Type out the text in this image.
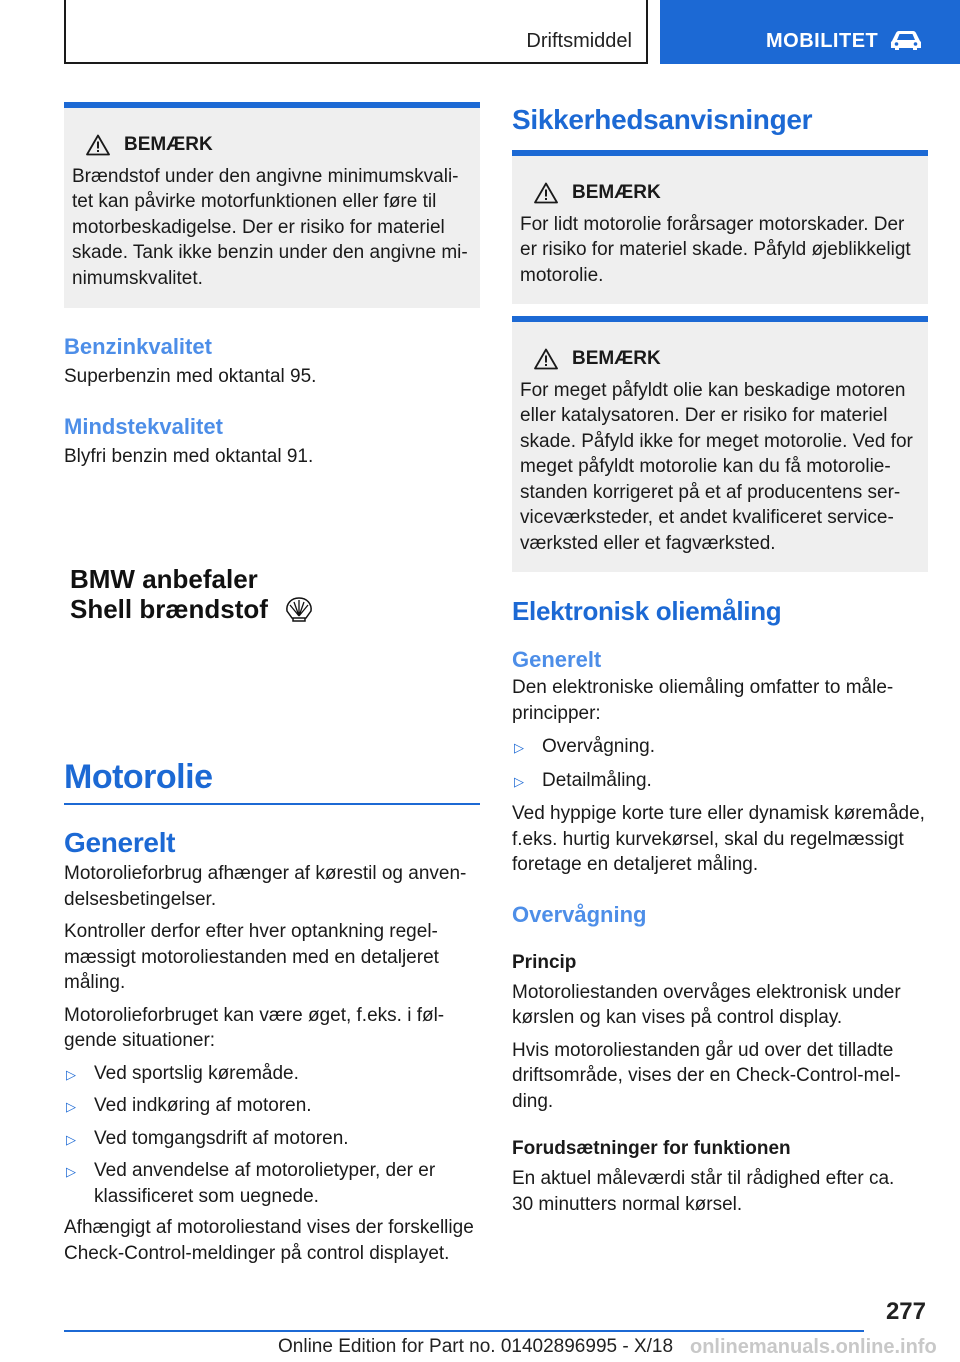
Driftsmiddel	MOBILITET
BEMÆRK

Brændstof under den angivne minimumskvali-
tet kan påvirke motorfunktionen eller føre til
motorbeskadigelse. Der er risiko for materiel
skade. Tank ikke benzin under den angivne mi-
nimumskvalitet.

Benzinkvalitet

Superbenzin med oktantal 95.

Mindstekvalitet

Blyfri benzin med oktantal 91.

BMW anbefaler
Shell brændstof
Motorolie
Generelt

Motorolieforbrug afhænger af kørestil og anven-
delsesbetingelser.

Kontroller derfor efter hver optankning regel-
mæssigt motoroliestanden med en detaljeret
måling.

Motorolieforbruget kan være øget, f.eks. i føl-
gende situationer:

▷ Ved sportslig køremåde.
▷ Ved indkøring af motoren.
▷ Ved tomgangsdrift af motoren.
▷ Ved anvendelse af motorolietyper, der er
klassificeret som uegnede.

Afhængigt af motoroliestand vises der forskellige
Check-Control-meldinger på control displayet.

Sikkerhedsanvisninger
BEMÆRK

For lidt motorolie forårsager motorskader. Der
er risiko for materiel skade. Påfyld øjeblikkeligt
motorolie.

BEMÆRK

For meget påfyldt olie kan beskadige motoren
eller katalysatoren. Der er risiko for materiel
skade. Påfyld ikke for meget motorolie. Ved for
meget påfyldt motorolie kan du få motorolie-
standen korrigeret på et af producentens ser-
viceværksteder, et andet kvalificeret service-
værksted eller et fagværksted.

Elektronisk oliemåling
Generelt

Den elektroniske oliemåling omfatter to måle-
principper:

▷ Overvågning.
▷ Detailmåling.

Ved hyppige korte ture eller dynamisk køremåde,
f.eks. hurtig kurvekørsel, skal du regelmæssigt
foretage en detaljeret måling.

Overvågning
Princip

Motoroliestanden overvåges elektronisk under
kørslen og kan vises på control display.

Hvis motoroliestanden går ud over det tilladte
driftsområde, vises der en Check-Control-mel-
ding.

Forudsætninger for funktionen

En aktuel måleværdi står til rådighed efter ca.
30 minutters normal kørsel.

277
Online Edition for Part no. 01402896995 - X/18 onlinemanuals.online.info
